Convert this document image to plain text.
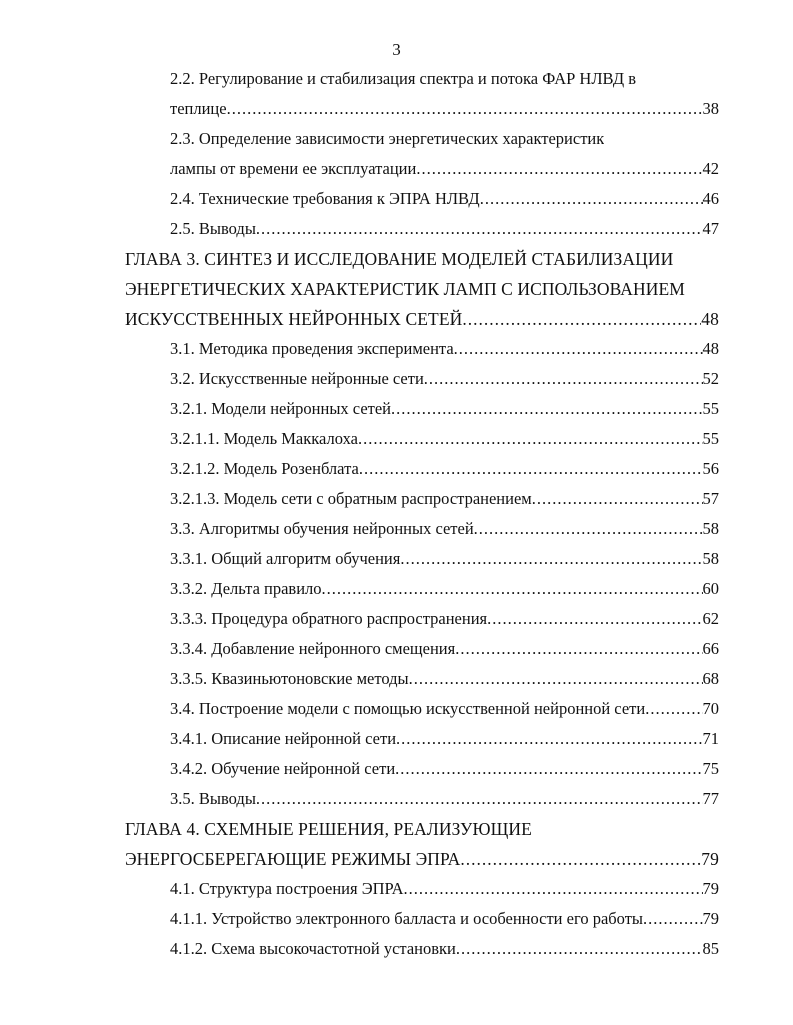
3
2.2. Регулирование и стабилизация спектра и потока ФАР НЛВД в
теплице .....	38
2.3. Определение зависимости энергетических характеристик
лампы от времени ее эксплуатации .....	42
2.4. Технические требования к ЭПРА НЛВД .....	46
2.5. Выводы .....	47
ГЛАВА 3. СИНТЕЗ И ИССЛЕДОВАНИЕ МОДЕЛЕЙ СТАБИЛИЗАЦИИ
ЭНЕРГЕТИЧЕСКИХ ХАРАКТЕРИСТИК ЛАМП С ИСПОЛЬЗОВАНИЕМ
ИСКУССТВЕННЫХ НЕЙРОННЫХ СЕТЕЙ .....	48
3.1. Методика проведения эксперимента .....	48
3.2. Искусственные нейронные сети .....	52
3.2.1. Модели нейронных сетей .....	55
3.2.1.1. Модель Маккалоха .....	55
3.2.1.2. Модель Розенблата .....	56
3.2.1.3. Модель сети с обратным распространением .....	57
3.3. Алгоритмы обучения нейронных сетей .....	58
3.3.1. Общий алгоритм обучения .....	58
3.3.2. Дельта правило .....	60
3.3.3. Процедура обратного распространения .....	62
3.3.4. Добавление нейронного смещения .....	66
3.3.5. Квазиньютоновские методы .....	68
3.4. Построение модели с помощью искусственной нейронной сети .....	70
3.4.1. Описание нейронной сети .....	71
3.4.2. Обучение нейронной сети .....	75
3.5. Выводы .....	77
ГЛАВА 4. СХЕМНЫЕ РЕШЕНИЯ, РЕАЛИЗУЮЩИЕ
ЭНЕРГОСБЕРЕГАЮЩИЕ РЕЖИМЫ ЭПРА .....	79
4.1. Структура построения ЭПРА .....	79
4.1.1. Устройство электронного балласта и особенности его работы .....	79
4.1.2. Схема высокочастотной установки .....	85
